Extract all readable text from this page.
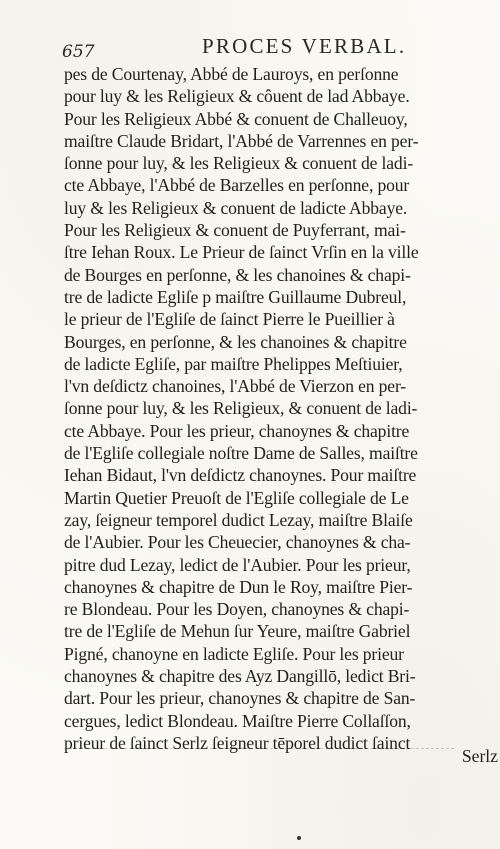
657	PROCES VERBAL.
pes de Courtenay, Abbé de Lauroys, en perſonne
pour luy & les Religieux & côuent de lad Abbaye.
Pour les Religieux Abbé & conuent de Challeuoy,
maiſtre Claude Bridart, l'Abbé de Varrennes en per-
ſonne pour luy, & les Religieux & conuent de ladi-
cte Abbaye, l'Abbé de Barzelles en perſonne, pour
luy & les Religieux & conuent de ladicte Abbaye.
Pour les Religieux & conuent de Puyferrant, mai-
ſtre Iehan Roux. Le Prieur de ſainct Vrſin en la ville
de Bourges en perſonne, & les chanoines & chapi-
tre de ladicte Egliſe p maiſtre Guillaume Dubreul,
le prieur de l'Egliſe de ſainct Pierre le Pueillier à
Bourges, en perſonne, & les chanoines & chapitre
de ladicte Egliſe, par maiſtre Phelippes Meſtiuier,
l'vn deſdictz chanoines, l'Abbé de Vierzon en per-
ſonne pour luy, & les Religieux, & conuent de ladi-
cte Abbaye. Pour les prieur, chanoynes & chapitre
de l'Egliſe collegiale noſtre Dame de Salles, maiſtre
Iehan Bidaut, l'vn deſdictz chanoynes. Pour maiſtre
Martin Quetier Preuoſt de l'Egliſe collegiale de Le
zay, ſeigneur temporel dudict Lezay, maiſtre Blaiſe
de l'Aubier. Pour les Cheuecier, chanoynes & cha-
pitre dud Lezay, ledict de l'Aubier. Pour les prieur,
chanoynes & chapitre de Dun le Roy, maiſtre Pier-
re Blondeau. Pour les Doyen, chanoynes & chapi-
tre de l'Egliſe de Mehun ſur Yeure, maiſtre Gabriel
Pigné, chanoyne en ladicte Egliſe. Pour les prieur
chanoynes & chapitre des Ayz Dangillō, ledict Bri-
dart. Pour les prieur, chanoynes & chapitre de San-
cergues, ledict Blondeau. Maiſtre Pierre Collaſſon,
prieur de ſainct Serlz ſeigneur tēporel dudict ſainct
Serlz
